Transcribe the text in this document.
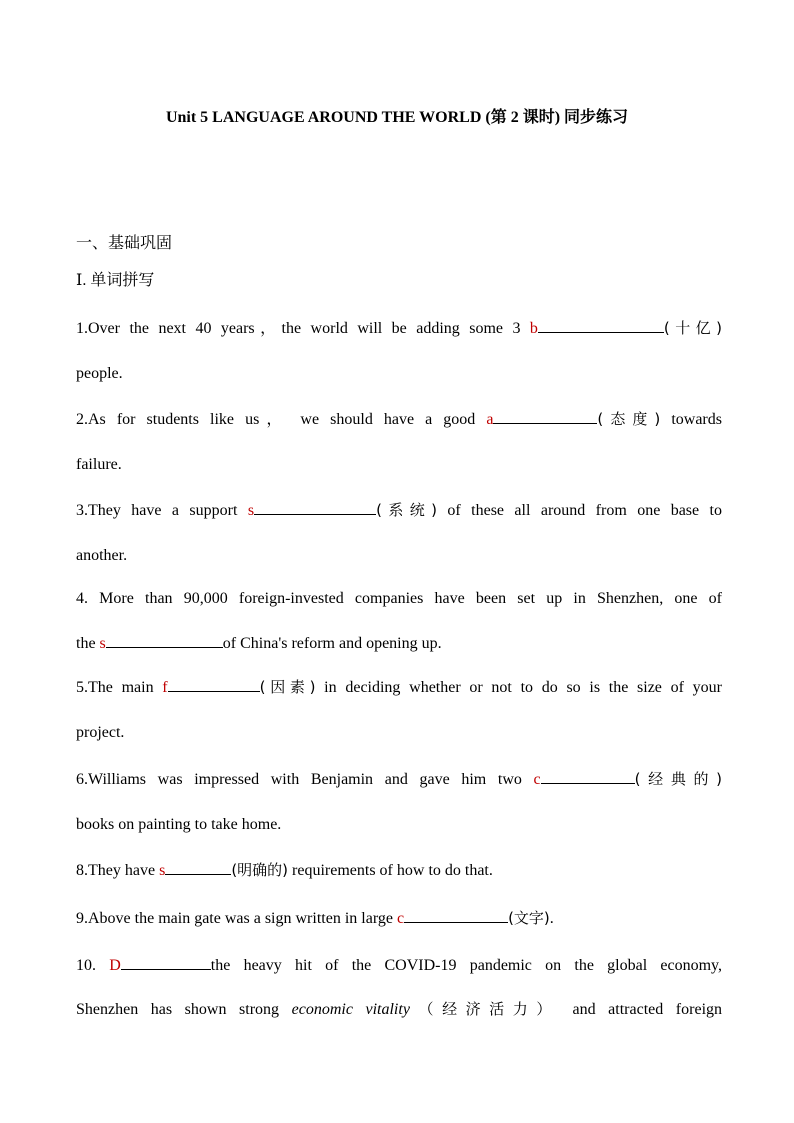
Unit 5 LANGUAGE AROUND THE WORLD (第 2 课时) 同步练习
一、基础巩固
Ⅰ. 单词拼写
1.Over the next 40 years，the world will be adding some 3 b	(十亿)
people.
2.As for students like us， we should have a good a	(态度) towards
failure.
3.They have a support s	(系统) of these all around from one base to
another.
4. More than 90,000 foreign-invested companies have been set up in Shenzhen, one of
the s	of China's reform and opening up.
5.The main f	(因素) in deciding whether or not to do so is the size of your
project.
6.Williams was impressed with Benjamin and gave him two c	(经典的)
books on painting to take home.
8.They have s	(明确的) requirements of how to do that.
9.Above the main gate was a sign written in large c	(文字).
10. D	the heavy hit of the COVID-19 pandemic on the global economy,
Shenzhen has shown strong economic vitality（经济活力） and attracted foreign
